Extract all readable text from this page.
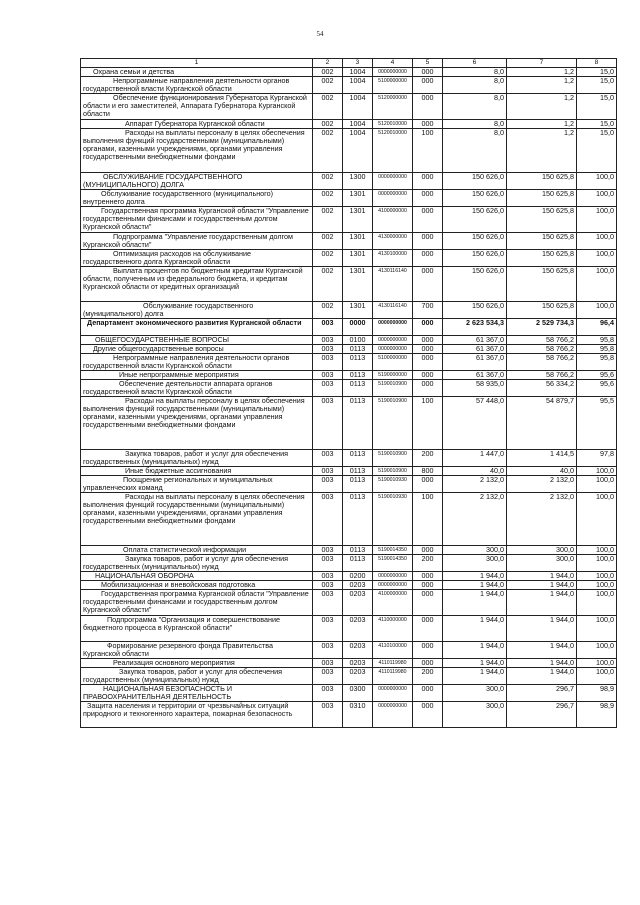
54
1	2	3	4	5	6	7	8
Охрана семьи и детства	002	1004	0000000000	000	8,0	1,2	15,0
Непрограммные направления деятельности органов государственной власти Курганской области	002	1004	5100000000	000	8,0	1,2	15,0
Обеспечение функционирования Губернатора Курганской области и его заместителей, Аппарата Губернатора Курганской области	002	1004	5120000000	000	8,0	1,2	15,0
Аппарат Губернатора Курганской области	002	1004	5120010000	000	8,0	1,2	15,0
Расходы на выплаты персоналу в целях обеспечения выполнения функций государственными (муниципальными) органами, казенными учреждениями, органами управления государственными внебюджетными фондами	002	1004	5120010000	100	8,0	1,2	15,0
ОБСЛУЖИВАНИЕ ГОСУДАРСТВЕННОГО (МУНИЦИПАЛЬНОГО) ДОЛГА	002	1300	0000000000	000	150 626,0	150 625,8	100,0
Обслуживание государственного (муниципального) внутреннего долга	002	1301	0000000000	000	150 626,0	150 625,8	100,0
Государственная программа Курганской области "Управление государственными финансами и государственным долгом Курганской области"	002	1301	4100000000	000	150 626,0	150 625,8	100,0
Подпрограмма "Управление государственным долгом Курганской области"	002	1301	4130000000	000	150 626,0	150 625,8	100,0
Оптимизация расходов на обслуживание государственного долга Курганской области	002	1301	4130100000	000	150 626,0	150 625,8	100,0
Выплата процентов по бюджетным кредитам Курганской области, полученным из федерального бюджета, и кредитам Курганской области от кредитных организаций	002	1301	4130116140	000	150 626,0	150 625,8	100,0
Обслуживание государственного (муниципального) долга	002	1301	4130116140	700	150 626,0	150 625,8	100,0
Департамент экономического развития Курганской области	003	0000	0000000000	000	2 623 534,3	2 529 734,3	96,4
ОБЩЕГОСУДАРСТВЕННЫЕ ВОПРОСЫ	003	0100	0000000000	000	61 367,0	58 766,2	95,8
Другие общегосударственные вопросы	003	0113	0000000000	000	61 367,0	58 766,2	95,8
Непрограммные направления деятельности органов государственной власти Курганской области	003	0113	5100000000	000	61 367,0	58 766,2	95,8
Иные непрограммные мероприятия	003	0113	5190000000	000	61 367,0	58 766,2	95,6
Обеспечение деятельности аппарата органов государственной власти Курганской области	003	0113	5190010900	000	58 935,0	56 334,2	95,6
Расходы на выплаты персоналу в целях обеспечения выполнения функций государственными (муниципальными) органами, казенными учреждениями, органами управления государственными внебюджетными фондами	003	0113	5190010900	100	57 448,0	54 879,7	95,5
Закупка товаров, работ и услуг для обеспечения государственных (муниципальных) нужд	003	0113	5190010900	200	1 447,0	1 414,5	97,8
Иные бюджетные ассигнования	003	0113	5190010900	800	40,0	40,0	100,0
Поощрение региональных и муниципальных управленческих команд	003	0113	5190010930	000	2 132,0	2 132,0	100,0
Расходы на выплаты персоналу в целях обеспечения выполнения функций государственными (муниципальными) органами, казенными учреждениями, органами управления государственными внебюджетными фондами	003	0113	5190010930	100	2 132,0	2 132,0	100,0
Оплата статистической информации	003	0113	5190014350	000	300,0	300,0	100,0
Закупка товаров, работ и услуг для обеспечения государственных (муниципальных) нужд	003	0113	5190014350	200	300,0	300,0	100,0
НАЦИОНАЛЬНАЯ ОБОРОНА	003	0200	0000000000	000	1 944,0	1 944,0	100,0
Мобилизационная и вневойсковая подготовка	003	0203	0000000000	000	1 944,0	1 944,0	100,0
Государственная программа Курганской области "Управление государственными финансами и государственным долгом Курганской области"	003	0203	4100000000	000	1 944,0	1 944,0	100,0
Подпрограмма "Организация и совершенствование бюджетного процесса в Курганской области"	003	0203	4110000000	000	1 944,0	1 944,0	100,0
Формирование резервного фонда Правительства Курганской области	003	0203	4110100000	000	1 944,0	1 944,0	100,0
Реализация основного мероприятия	003	0203	4110119980	000	1 944,0	1 944,0	100,0
Закупка товаров, работ и услуг для обеспечения государственных (муниципальных) нужд	003	0203	4110119980	200	1 944,0	1 944,0	100,0
НАЦИОНАЛЬНАЯ БЕЗОПАСНОСТЬ И ПРАВООХРАНИТЕЛЬНАЯ ДЕЯТЕЛЬНОСТЬ	003	0300	0000000000	000	300,0	296,7	98,9
Защита населения и территории от чрезвычайных ситуаций природного и техногенного характера, пожарная безопасность	003	0310	0000000000	000	300,0	296,7	98,9
